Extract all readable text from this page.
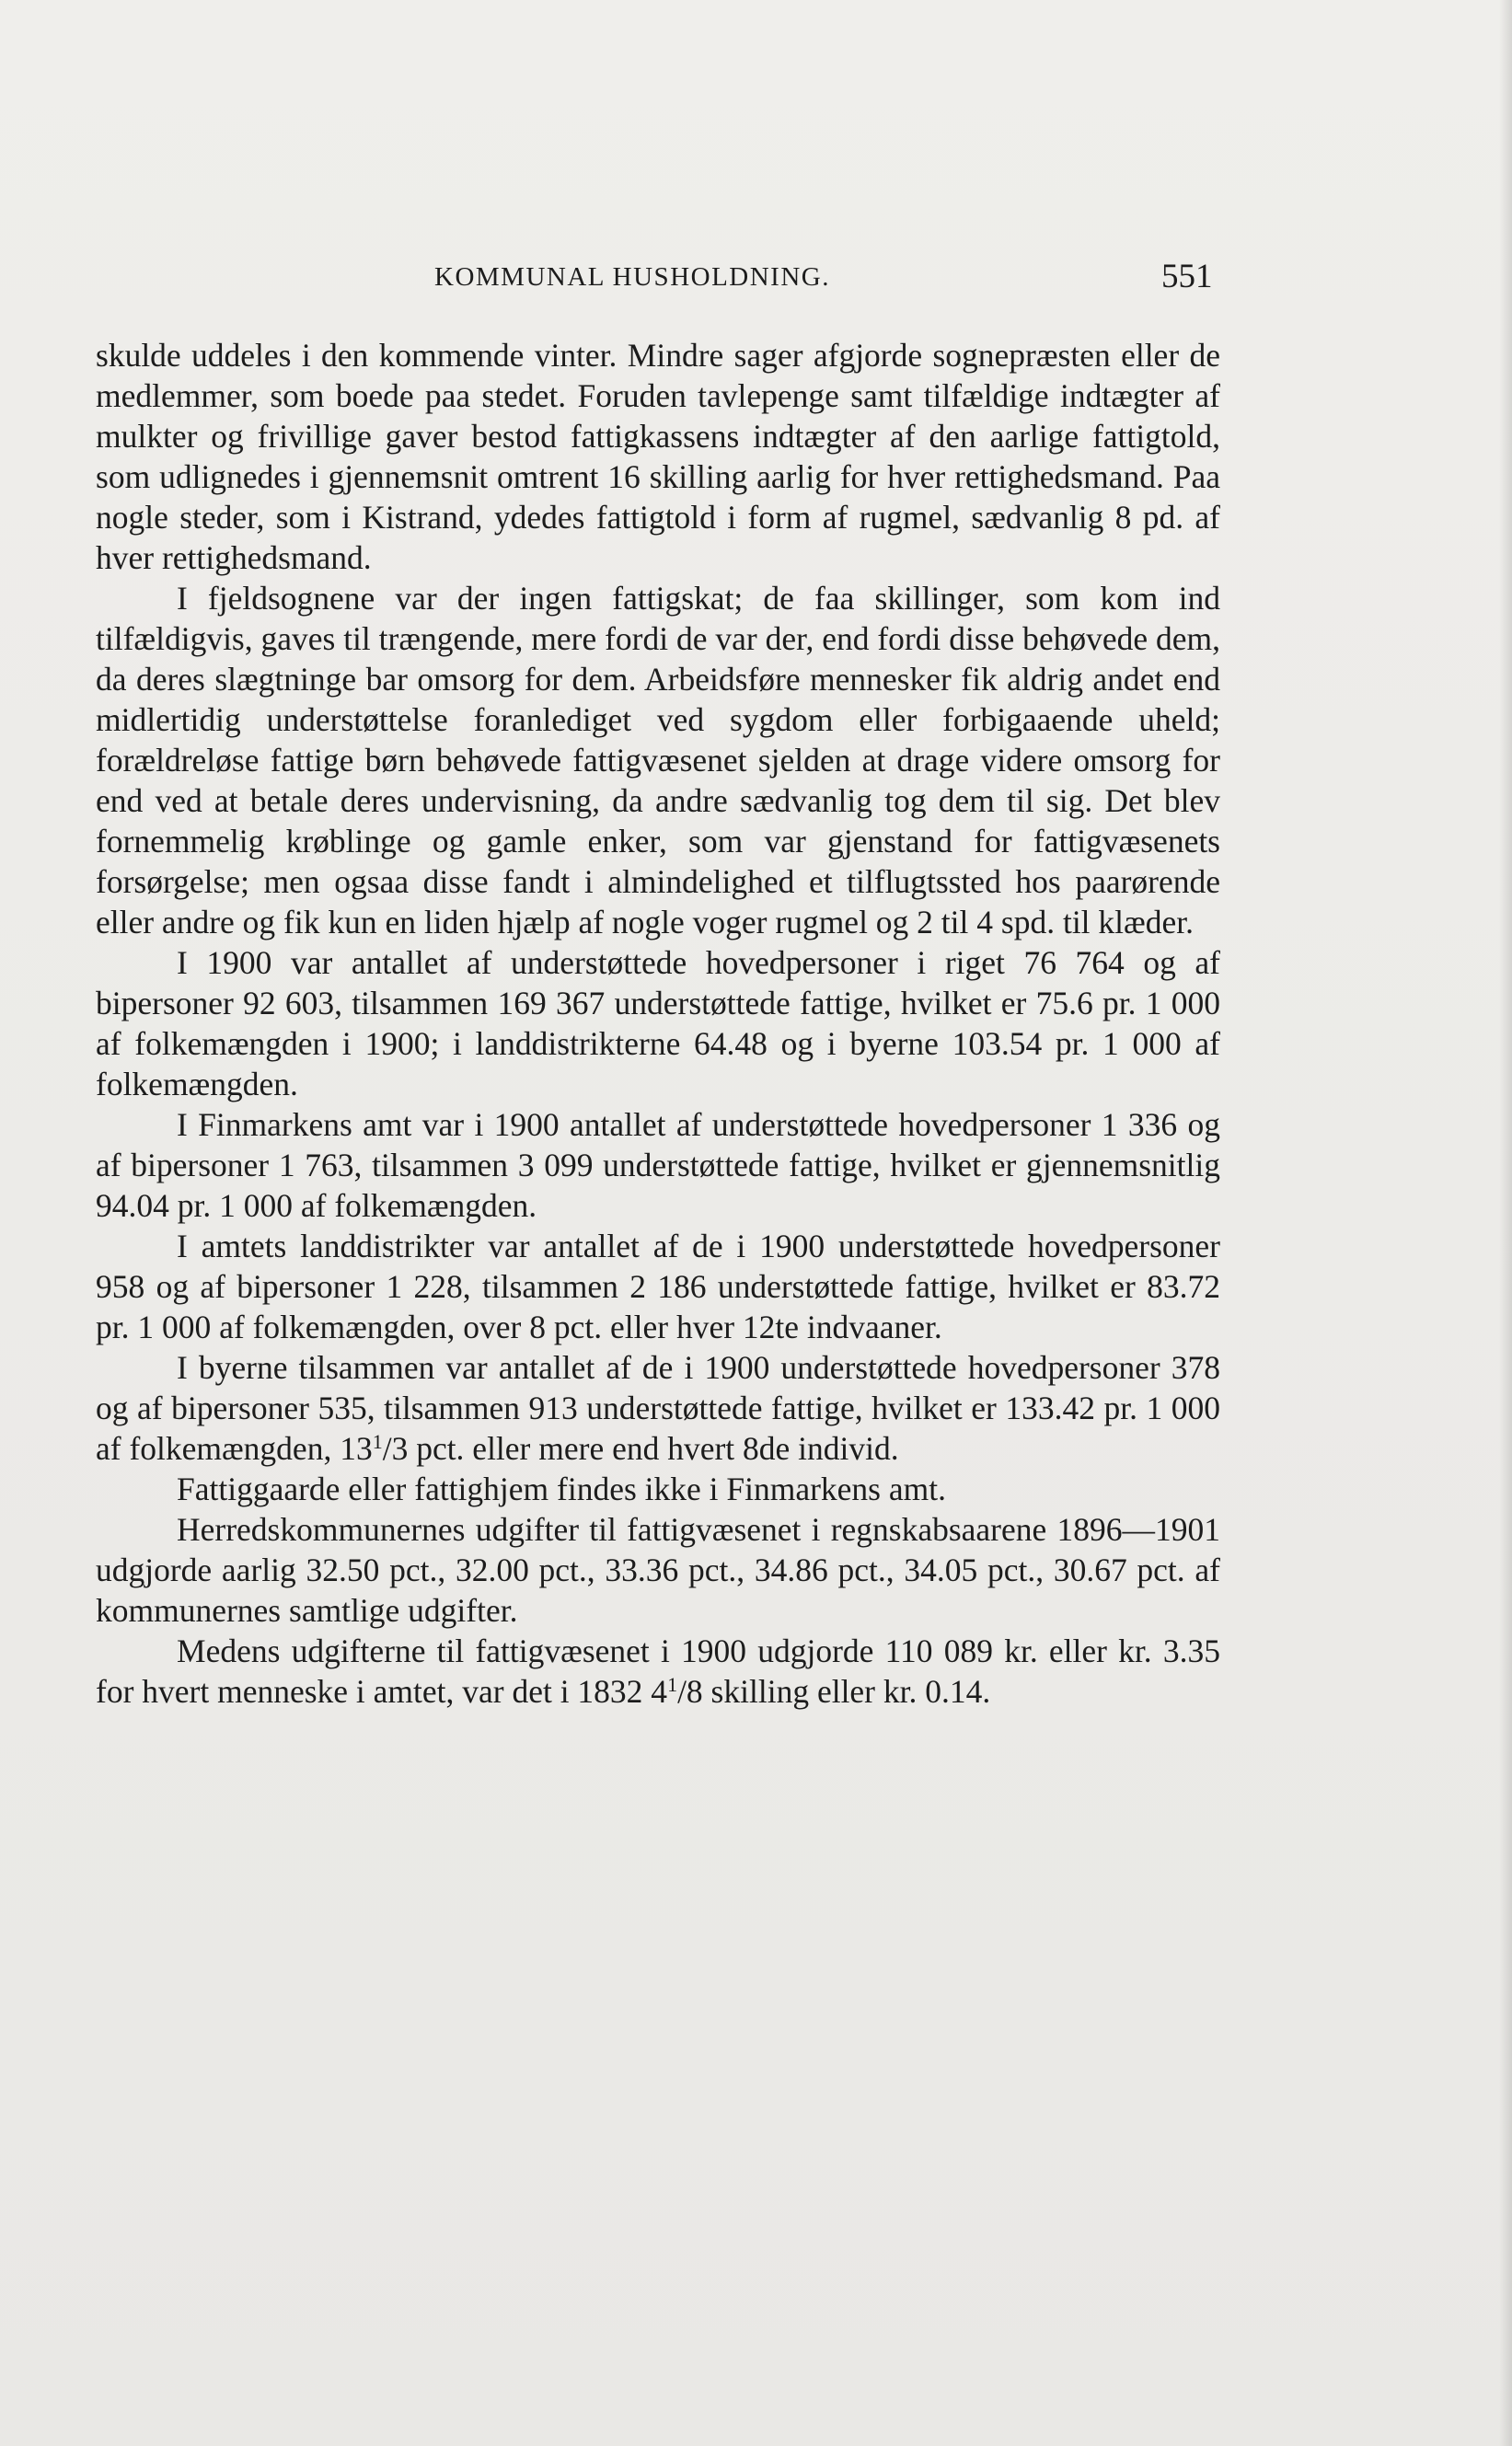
KOMMUNAL HUSHOLDNING.	551

skulde uddeles i den kommende vinter. Mindre sager afgjorde sognepræsten eller de medlemmer, som boede paa stedet. Foruden tavlepenge samt tilfældige indtægter af mulkter og frivillige gaver bestod fattigkassens indtægter af den aarlige fattigtold, som udlignedes i gjennemsnit omtrent 16 skilling aarlig for hver rettighedsmand. Paa nogle steder, som i Kistrand, ydedes fattigtold i form af rugmel, sædvanlig 8 pd. af hver rettighedsmand.

I fjeldsognene var der ingen fattigskat; de faa skillinger, som kom ind tilfældigvis, gaves til trængende, mere fordi de var der, end fordi disse behøvede dem, da deres slægtninge bar omsorg for dem. Arbeidsføre mennesker fik aldrig andet end midlertidig understøttelse foranlediget ved sygdom eller forbigaaende uheld; forældreløse fattige børn behøvede fattigvæsenet sjelden at drage videre omsorg for end ved at betale deres undervisning, da andre sædvanlig tog dem til sig. Det blev fornemmelig krøblinge og gamle enker, som var gjenstand for fattigvæsenets forsørgelse; men ogsaa disse fandt i almindelighed et tilflugtssted hos paarørende eller andre og fik kun en liden hjælp af nogle voger rugmel og 2 til 4 spd. til klæder.

I 1900 var antallet af understøttede hovedpersoner i riget 76 764 og af bipersoner 92 603, tilsammen 169 367 understøttede fattige, hvilket er 75.6 pr. 1 000 af folkemængden i 1900; i landdistrikterne 64.48 og i byerne 103.54 pr. 1 000 af folkemængden.

I Finmarkens amt var i 1900 antallet af understøttede hovedpersoner 1 336 og af bipersoner 1 763, tilsammen 3 099 understøttede fattige, hvilket er gjennemsnitlig 94.04 pr. 1 000 af folkemængden.

I amtets landdistrikter var antallet af de i 1900 understøttede hovedpersoner 958 og af bipersoner 1 228, tilsammen 2 186 understøttede fattige, hvilket er 83.72 pr. 1 000 af folkemængden, over 8 pct. eller hver 12te indvaaner.

I byerne tilsammen var antallet af de i 1900 understøttede hovedpersoner 378 og af bipersoner 535, tilsammen 913 understøttede fattige, hvilket er 133.42 pr. 1 000 af folkemængden, $13^1/3$ pct. eller mere end hvert 8de individ.

Fattiggaarde eller fattighjem findes ikke i Finmarkens amt.

Herredskommunernes udgifter til fattigvæsenet i regnskabsaarene 1896—1901 udgjorde aarlig 32.50 pct., 32.00 pct., 33.36 pct., 34.86 pct., 34.05 pct., 30.67 pct. af kommunernes samtlige udgifter.

Medens udgifterne til fattigvæsenet i 1900 udgjorde 110 089 kr. eller kr. 3.35 for hvert menneske i amtet, var det i 1832 $4^1/8$ skilling eller kr. 0.14.
